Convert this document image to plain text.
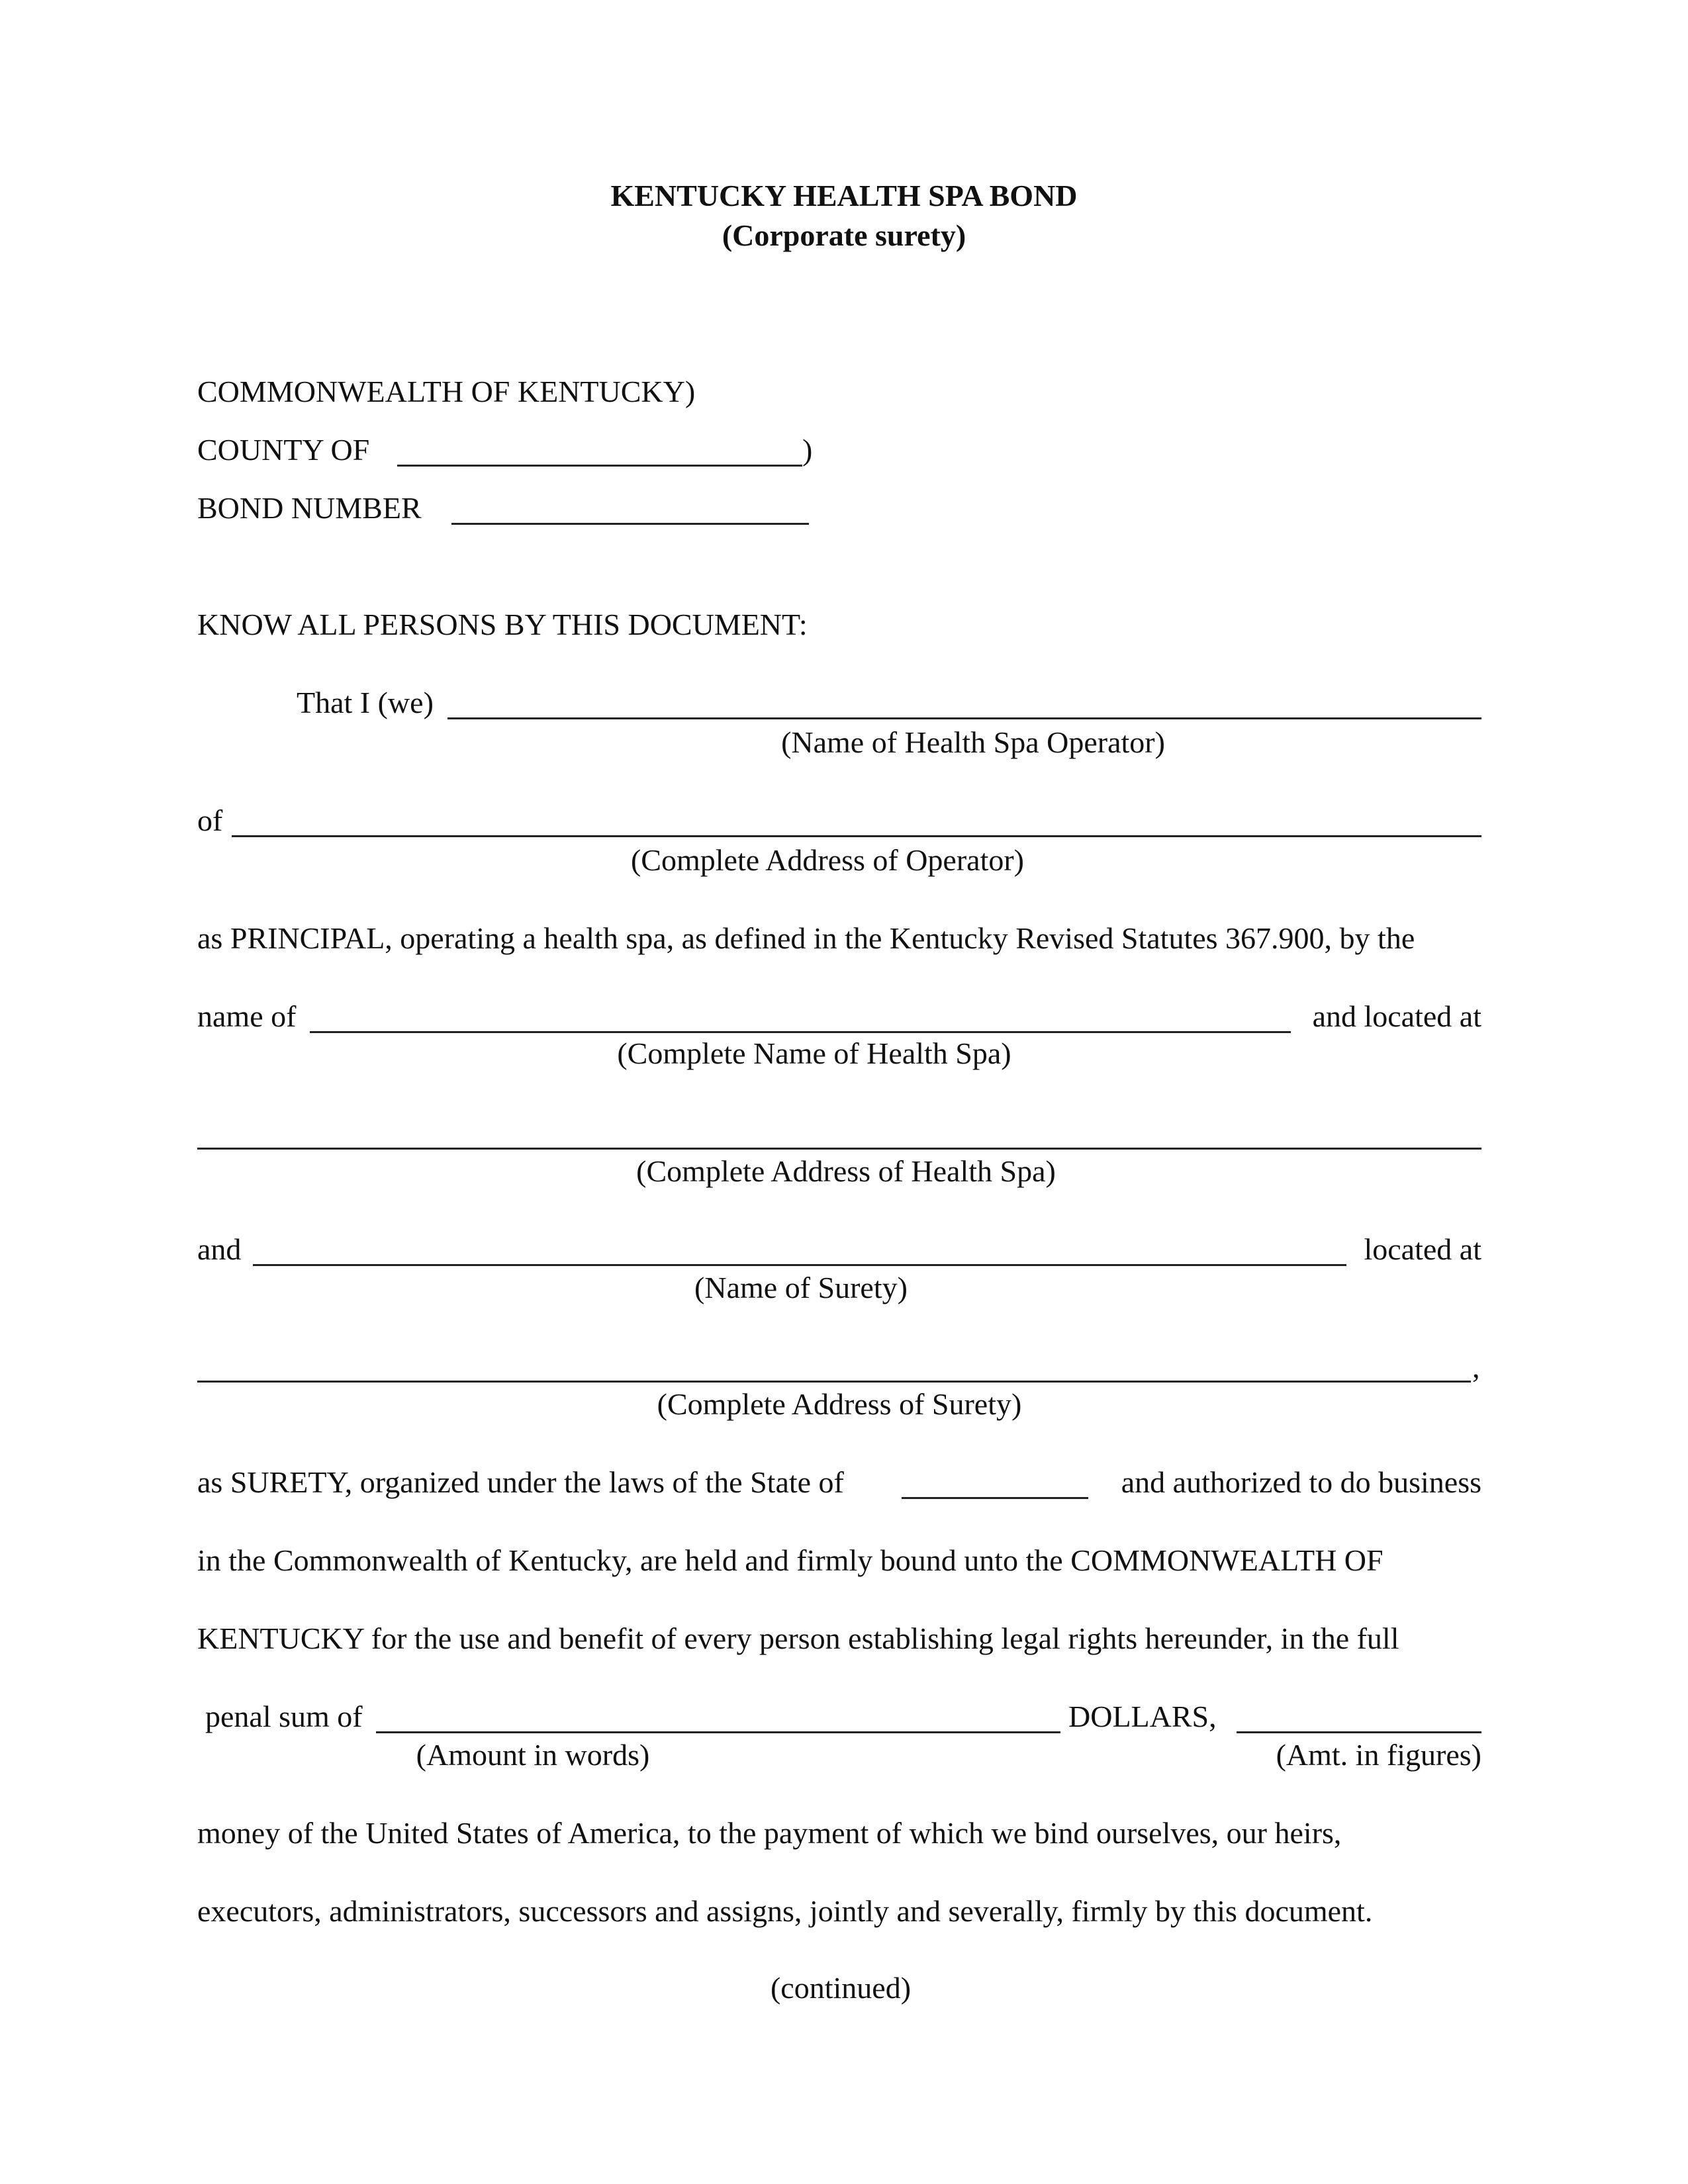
KENTUCKY HEALTH SPA BOND
(Corporate surety)
COMMONWEALTH OF KENTUCKY)
COUNTY OF	)
BOND NUMBER
KNOW ALL PERSONS BY THIS DOCUMENT:
That I (we)
(Name of Health Spa Operator)
of
(Complete Address of Operator)
as PRINCIPAL, operating a health spa, as defined in the Kentucky Revised Statutes 367.900, by the
name of	and located at
(Complete Name of Health Spa)
(Complete Address of Health Spa)
and	located at
(Name of Surety)
,
(Complete Address of Surety)
as SURETY, organized under the laws of the State of	and authorized to do business
in the Commonwealth of Kentucky, are held and firmly bound unto the COMMONWEALTH OF
KENTUCKY for the use and benefit of every person establishing legal rights hereunder, in the full
penal sum of	DOLLARS,
(Amount in words)	(Amt. in figures)
money of the United States of America, to the payment of which we bind ourselves, our heirs,
executors, administrators, successors and assigns, jointly and severally, firmly by this document.
(continued)
